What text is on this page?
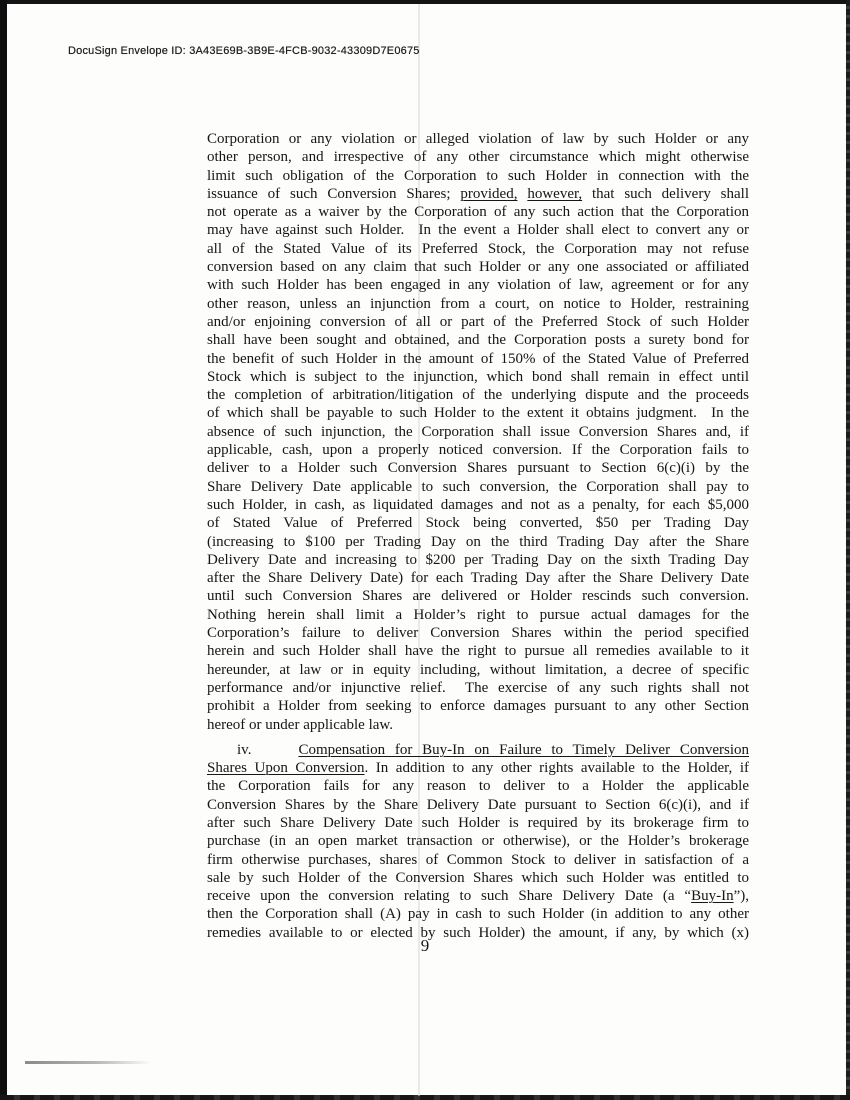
DocuSign Envelope ID: 3A43E69B-3B9E-4FCB-9032-43309D7E0675
Corporation or any violation or alleged violation of law by such Holder or any
other person, and irrespective of any other circumstance which might otherwise
limit such obligation of the Corporation to such Holder in connection with the
issuance of such Conversion Shares; provided, however, that such delivery shall
not operate as a waiver by the Corporation of any such action that the Corporation
may have against such Holder.  In the event a Holder shall elect to convert any or
all of the Stated Value of its Preferred Stock, the Corporation may not refuse
conversion based on any claim that such Holder or any one associated or affiliated
with such Holder has been engaged in any violation of law, agreement or for any
other reason, unless an injunction from a court, on notice to Holder, restraining
and/or enjoining conversion of all or part of the Preferred Stock of such Holder
shall have been sought and obtained, and the Corporation posts a surety bond for
the benefit of such Holder in the amount of 150% of the Stated Value of Preferred
Stock which is subject to the injunction, which bond shall remain in effect until
the completion of arbitration/litigation of the underlying dispute and the proceeds
of which shall be payable to such Holder to the extent it obtains judgment.  In the
absence of such injunction, the Corporation shall issue Conversion Shares and, if
applicable, cash, upon a properly noticed conversion. If the Corporation fails to
deliver to a Holder such Conversion Shares pursuant to Section 6(c)(i) by the
Share Delivery Date applicable to such conversion, the Corporation shall pay to
such Holder, in cash, as liquidated damages and not as a penalty, for each $5,000
of Stated Value of Preferred Stock being converted, $50 per Trading Day
(increasing to $100 per Trading Day on the third Trading Day after the Share
Delivery Date and increasing to $200 per Trading Day on the sixth Trading Day
after the Share Delivery Date) for each Trading Day after the Share Delivery Date
until such Conversion Shares are delivered or Holder rescinds such conversion.
Nothing herein shall limit a Holder’s right to pursue actual damages for the
Corporation’s failure to deliver Conversion Shares within the period specified
herein and such Holder shall have the right to pursue all remedies available to it
hereunder, at law or in equity including, without limitation, a decree of specific
performance and/or injunctive relief.  The exercise of any such rights shall not
prohibit a Holder from seeking to enforce damages pursuant to any other Section
hereof or under applicable law.
iv.	Compensation for Buy-In on Failure to Timely Deliver Conversion
Shares Upon Conversion. In addition to any other rights available to the Holder, if
the Corporation fails for any reason to deliver to a Holder the applicable
Conversion Shares by the Share Delivery Date pursuant to Section 6(c)(i), and if
after such Share Delivery Date such Holder is required by its brokerage firm to
purchase (in an open market transaction or otherwise), or the Holder’s brokerage
firm otherwise purchases, shares of Common Stock to deliver in satisfaction of a
sale by such Holder of the Conversion Shares which such Holder was entitled to
receive upon the conversion relating to such Share Delivery Date (a “Buy-In”),
then the Corporation shall (A) pay in cash to such Holder (in addition to any other
remedies available to or elected by such Holder) the amount, if any, by which (x)
9
